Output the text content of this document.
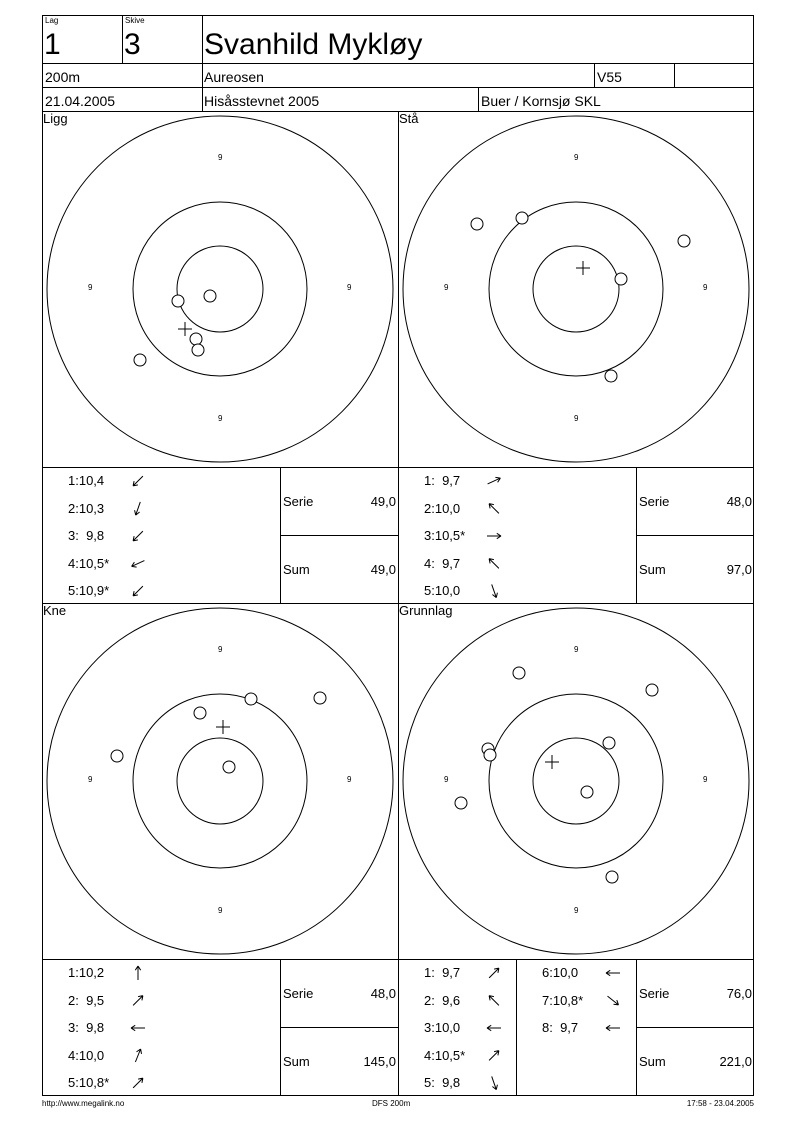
Lag
1
Skive
3 Svanhild Mykløy
200m	Aureosen	V55
21.04.2005	Hisåsstevnet 2005	Buer / Kornsjø SKL
Ligg	Stå
Kne	Grunnlag
9
9	9
9
9
9	9
9
9
9	9
9
9
9	9
9
1:10,4
2:10,3
3:  9,8
4:10,5*
5:10,9*
1:  9,7
2:10,0
3:10,5*
4:  9,7
5:10,0
1:10,2
2:  9,5
3:  9,8
4:10,0
5:10,8*
1:  9,7
2:  9,6
3:10,0
4:10,5*
5:  9,8
6:10,0
7:10,8*
8:  9,7
Serie	49,0
Sum	49,0
Serie	48,0
Sum	97,0
Serie	48,0
Sum	145,0
Serie	76,0
Sum	221,0
http://www.megalink.no	DFS 200m	17:58 - 23.04.2005
